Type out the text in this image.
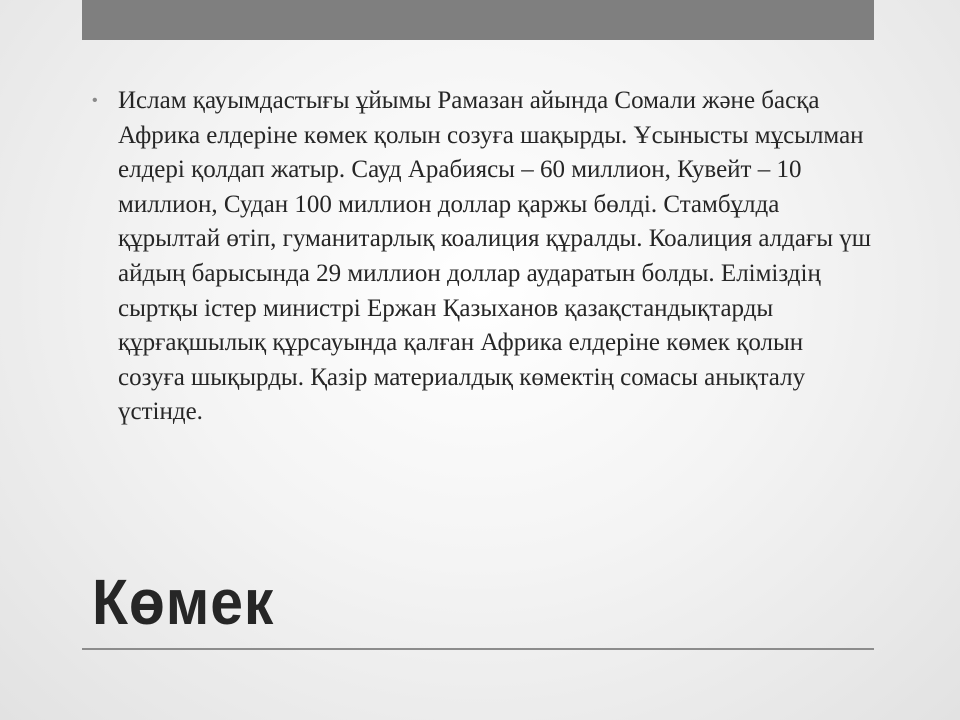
• Ислам қауымдастығы ұйымы Рамазан айында Сомали және басқа Африка елдеріне көмек қолын созуға шақырды. Ұсынысты мұсылман елдері қолдап жатыр. Сауд Арабиясы – 60 миллион, Кувейт – 10 миллион, Судан 100 миллион доллар қаржы бөлді. Стамбұлда құрылтай өтіп, гуманитарлық коалиция құралды. Коалиция алдағы үш айдың барысында 29 миллион доллар аударатын болды. Еліміздің сыртқы істер министрі Ержан Қазыханов қазақстандықтарды құрғақшылық құрсауында қалған Африка елдеріне көмек қолын созуға шықырды. Қазір материалдық көмектің сомасы анықталу үстінде.

Көмек
